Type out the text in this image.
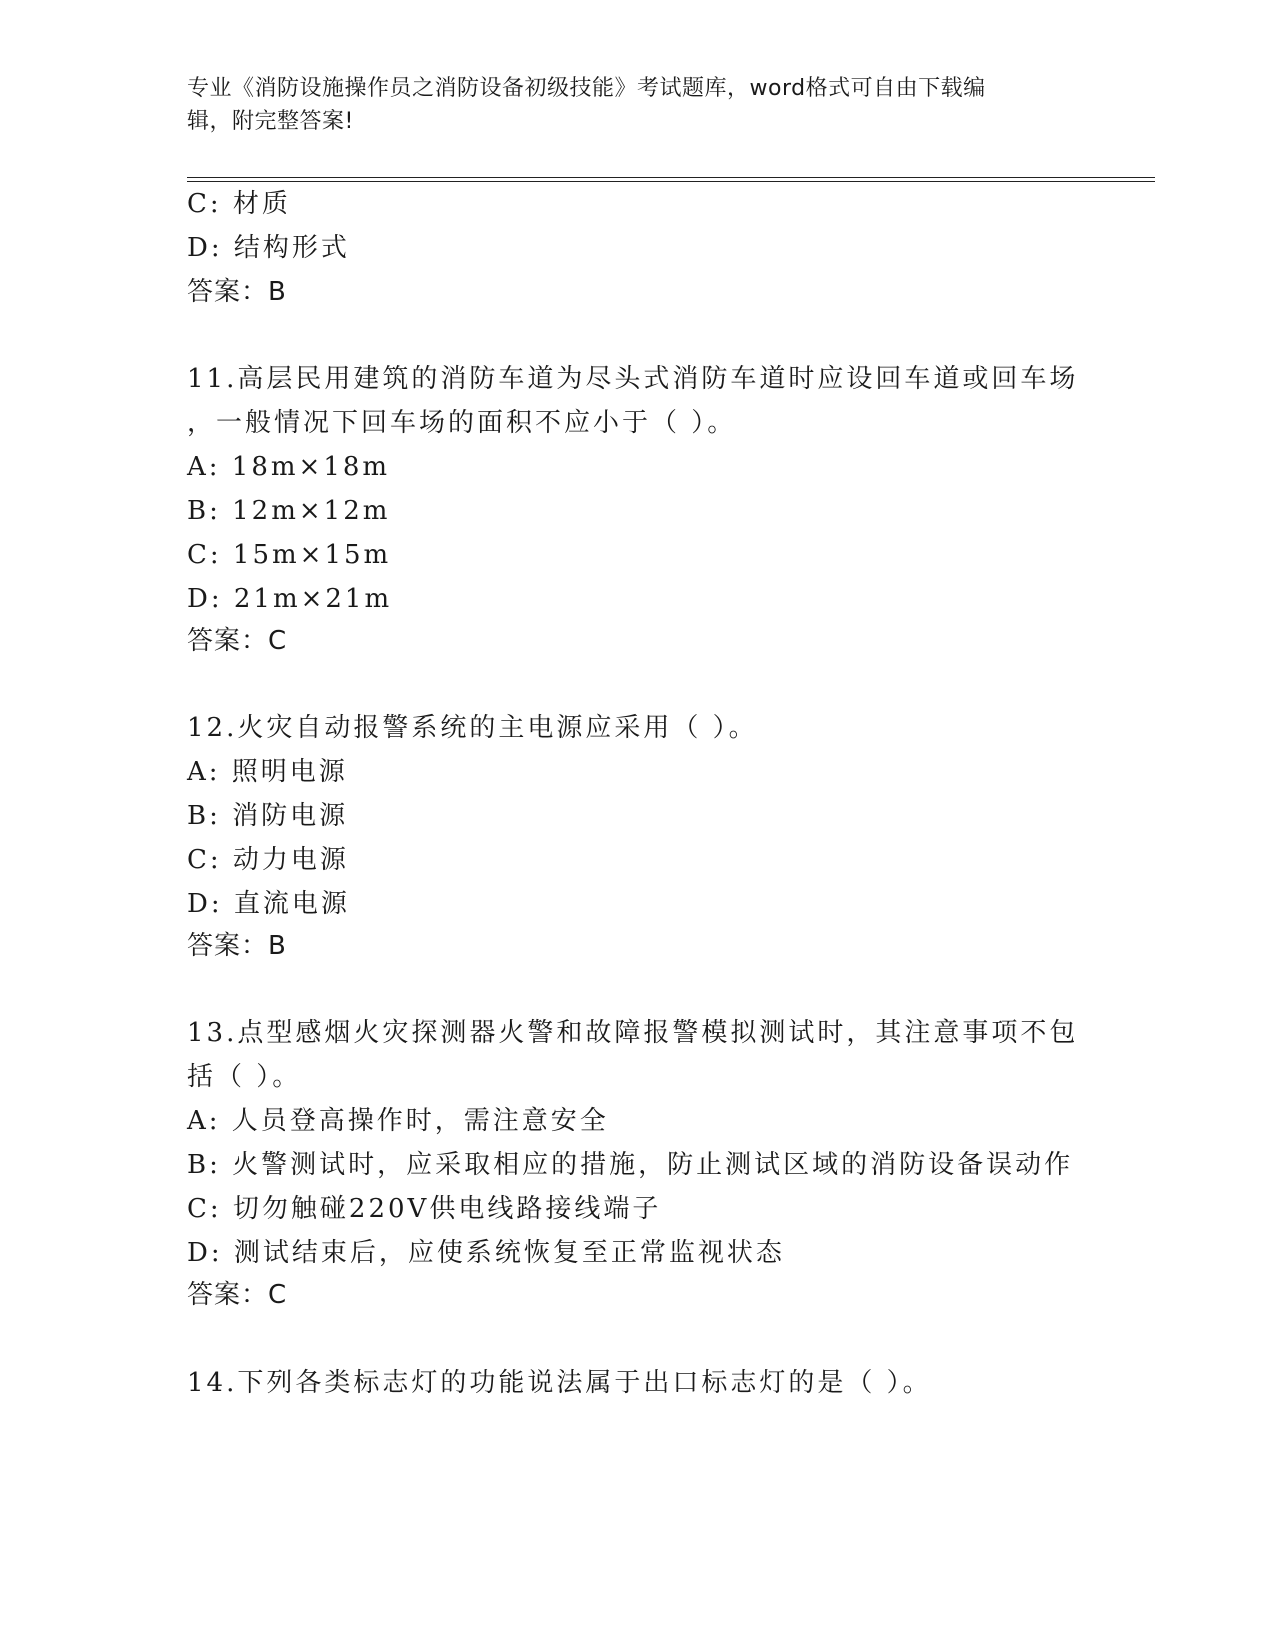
专业《消防设施操作员之消防设备初级技能》考试题库，word格式可自由下载编
辑，附完整答案!
C: 材质
D: 结构形式
答案：B
11.高层民用建筑的消防车道为尽头式消防车道时应设回车道或回车场
，一般情况下回车场的面积不应小于（ ）。
A: 18m×18m
B: 12m×12m
C: 15m×15m
D: 21m×21m
答案：C
12.火灾自动报警系统的主电源应采用（ ）。
A: 照明电源
B: 消防电源
C: 动力电源
D: 直流电源
答案：B
13.点型感烟火灾探测器火警和故障报警模拟测试时，其注意事项不包
括（ ）。
A: 人员登高操作时，需注意安全
B: 火警测试时，应采取相应的措施，防止测试区域的消防设备误动作
C: 切勿触碰220V供电线路接线端子
D: 测试结束后，应使系统恢复至正常监视状态
答案：C
14.下列各类标志灯的功能说法属于出口标志灯的是（ ）。
